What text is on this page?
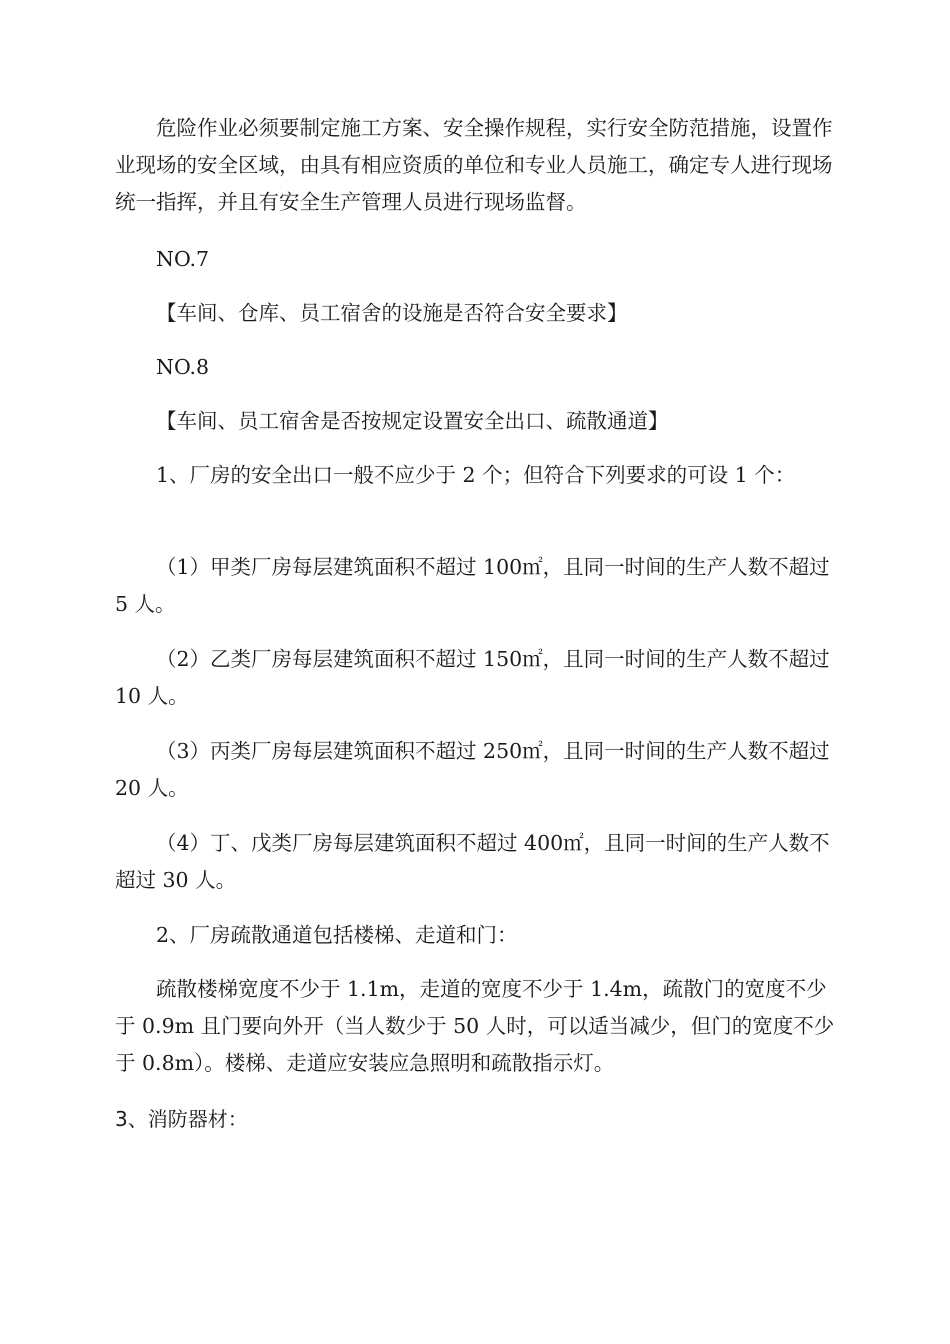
危险作业必须要制定施工方案、安全操作规程，实行安全防范措施，设置作业现场的安全区域，由具有相应资质的单位和专业人员施工，确定专人进行现场统一指挥，并且有安全生产管理人员进行现场监督。

NO.7

【车间、仓库、员工宿舍的设施是否符合安全要求】

NO.8

【车间、员工宿舍是否按规定设置安全出口、疏散通道】

1、厂房的安全出口一般不应少于 2 个；但符合下列要求的可设 1 个：

（1）甲类厂房每层建筑面积不超过 100㎡，且同一时间的生产人数不超过 5 人。

（2）乙类厂房每层建筑面积不超过 150㎡，且同一时间的生产人数不超过 10 人。

（3）丙类厂房每层建筑面积不超过 250㎡，且同一时间的生产人数不超过 20 人。

（4）丁、戊类厂房每层建筑面积不超过 400㎡，且同一时间的生产人数不超过 30 人。

2、厂房疏散通道包括楼梯、走道和门：

疏散楼梯宽度不少于 1.1m，走道的宽度不少于 1.4m，疏散门的宽度不少于 0.9m 且门要向外开（当人数少于 50 人时，可以适当减少，但门的宽度不少于 0.8m）。楼梯、走道应安装应急照明和疏散指示灯。

3、消防器材：
